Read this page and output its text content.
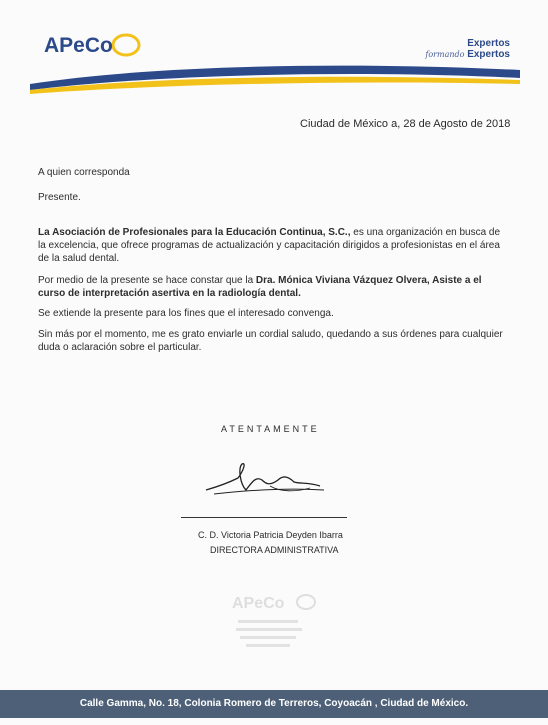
APeCo	Expertos
formando Expertos
Ciudad de México a, 28 de Agosto de 2018
A quien corresponda
Presente.
La Asociación de Profesionales para la Educación Continua, S.C., es una organización en busca de la excelencia, que ofrece programas de actualización y capacitación dirigidos a profesionistas en el área de la salud dental.
Por medio de la presente se hace constar que la Dra. Mónica Viviana Vázquez Olvera, Asiste a el curso de interpretación asertiva en la radiología dental.
Se extiende la presente para los fines que el interesado convenga.
Sin más por el momento, me es grato enviarle un cordial saludo, quedando a sus órdenes para cualquier duda o aclaración sobre el particular.
ATENTAMENTE
C. D. Victoria Patricia Deyden Ibarra
DIRECTORA ADMINISTRATIVA
APeCo
Calle Gamma, No. 18, Colonia Romero de Terreros, Coyoacán , Ciudad de México.
